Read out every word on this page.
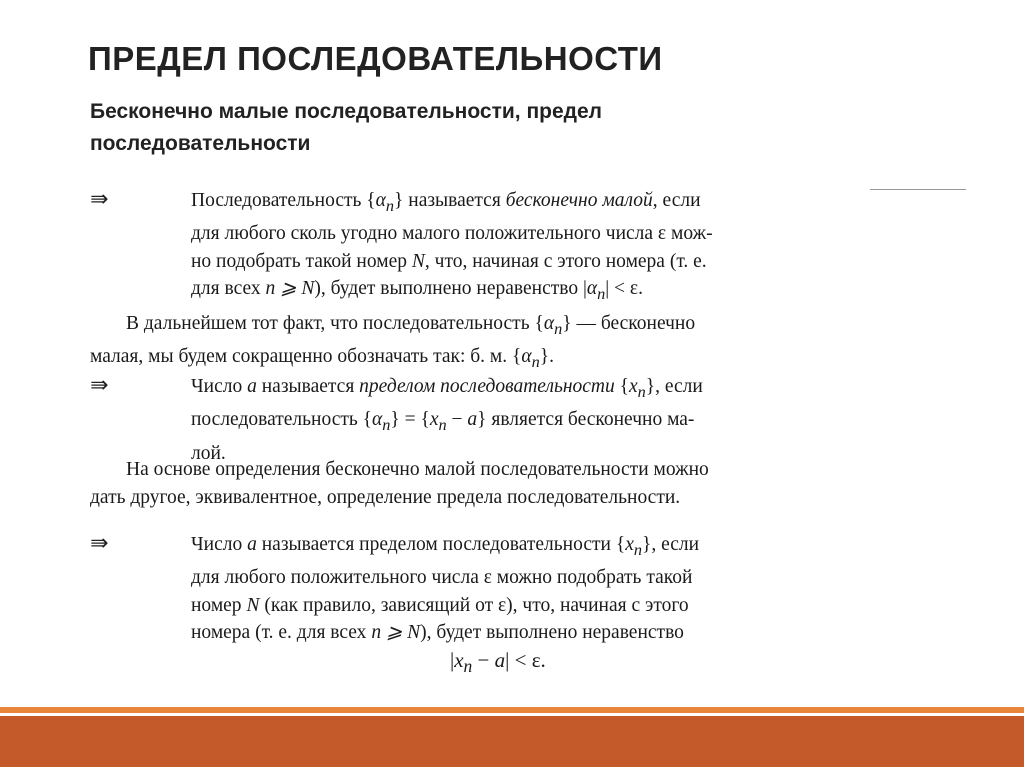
ПРЕДЕЛ ПОСЛЕДОВАТЕЛЬНОСТИ
Бесконечно малые последовательности, предел
последовательности
⇛	Последовательность $\{\alpha_n\}$ называется бесконечно малой, если
для любого сколь угодно малого положительного числа ε мож-
но подобрать такой номер N, что, начиная с этого номера (т. е.
для всех n ⩾ N), будет выполнено неравенство $|\alpha_n| < \varepsilon$.
В дальнейшем тот факт, что последовательность $\{\alpha_n\}$ — бесконечно
малая, мы будем сокращенно обозначать так: б. м. $\{\alpha_n\}$.
⇛	Число a называется пределом последовательности $\{x_n\}$, если
последовательность $\{\alpha_n\} = \{x_n - a\}$ является бесконечно ма-
лой.
На основе определения бесконечно малой последовательности можно
дать другое, эквивалентное, определение предела последовательности.
⇛	Число a называется пределом последовательности $\{x_n\}$, если
для любого положительного числа ε можно подобрать такой
номер N (как правило, зависящий от ε), что, начиная с этого
номера (т. е. для всех n ⩾ N), будет выполнено неравенство
$|x_n - a| < \varepsilon$.
